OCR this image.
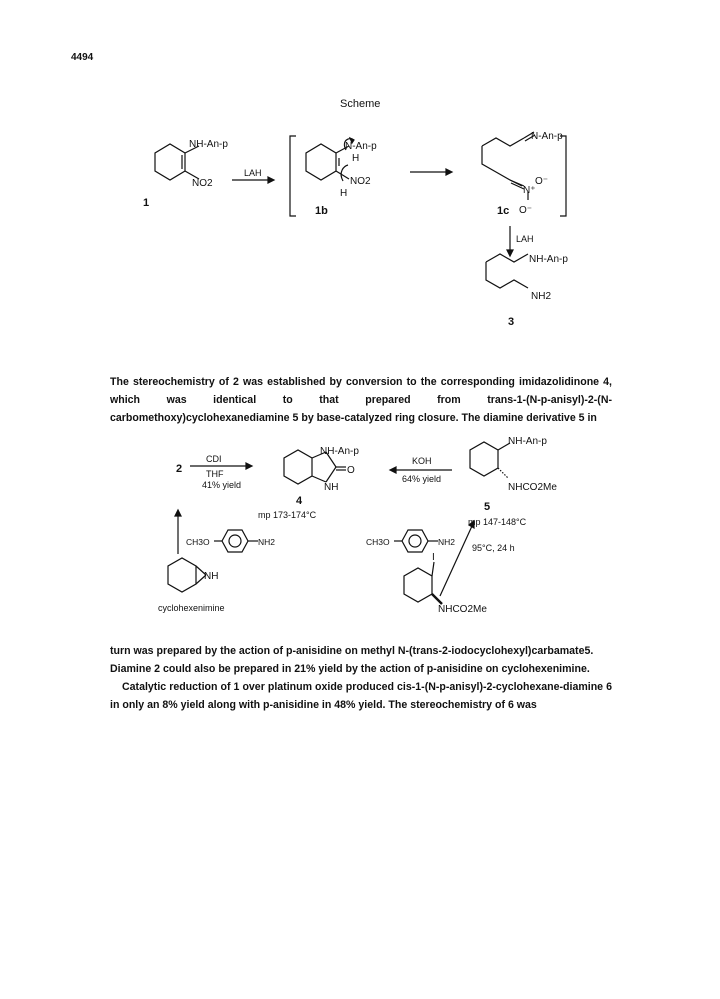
4494
Scheme
NH-An-p
NO2
1
LAH
N-An-p
H
NO2
H
1b
N-An-p
N⁺
O⁻
O⁻
1c
LAH
NH-An-p
NH2
3

The stereochemistry of 2 was established by conversion to the corresponding imidazolidinone 4, which was identical to that prepared from trans-1-(N-p-anisyl)-2-(N-carbomethoxy)cyclohexanediamine 5 by base-catalyzed ring closure. The diamine derivative 5 in

2
CDI
THF
41% yield
NH-An-p
O
NH
4
mp 173-174°C
KOH
64% yield
NH-An-p
NHCO2Me
5
mp 147-148°C
CH3O	NH2	CH3O	NH2
95°C, 24 h
NH
cyclohexenimine
I
NHCO2Me

turn was prepared by the action of p-anisidine on methyl N-(trans-2-iodocyclohexyl)carbamate5.

Diamine 2 could also be prepared in 21% yield by the action of p-anisidine on cyclohexenimine.

Catalytic reduction of 1 over platinum oxide produced cis-1-(N-p-anisyl)-2-cyclohexane-diamine 6 in only an 8% yield along with p-anisidine in 48% yield. The stereochemistry of 6 was
